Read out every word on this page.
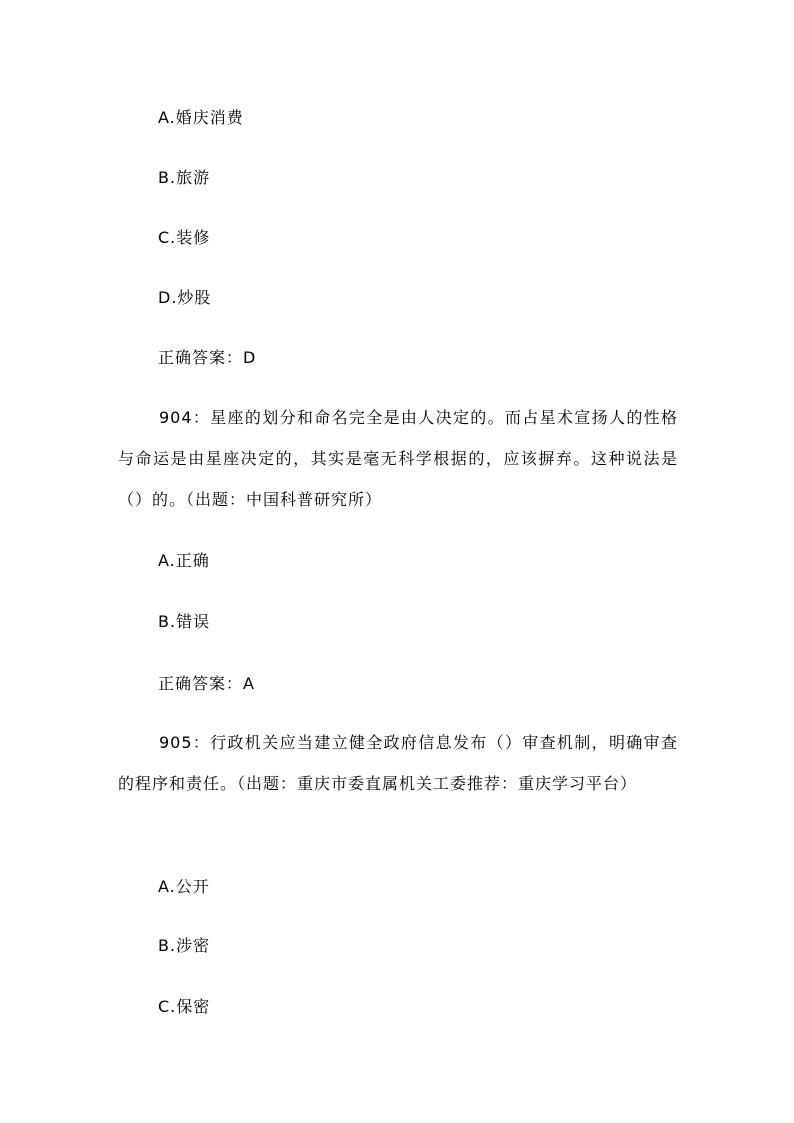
A.婚庆消费
B.旅游
C.装修
D.炒股
正确答案：D
904：星座的划分和命名完全是由人决定的。而占星术宣扬人的性格与命运是由星座决定的，其实是毫无科学根据的，应该摒弃。这种说法是（）的。（出题：中国科普研究所）
A.正确
B.错误
正确答案：A
905：行政机关应当建立健全政府信息发布（）审查机制，明确审查的程序和责任。（出题：重庆市委直属机关工委推荐：重庆学习平台）
A.公开
B.涉密
C.保密
